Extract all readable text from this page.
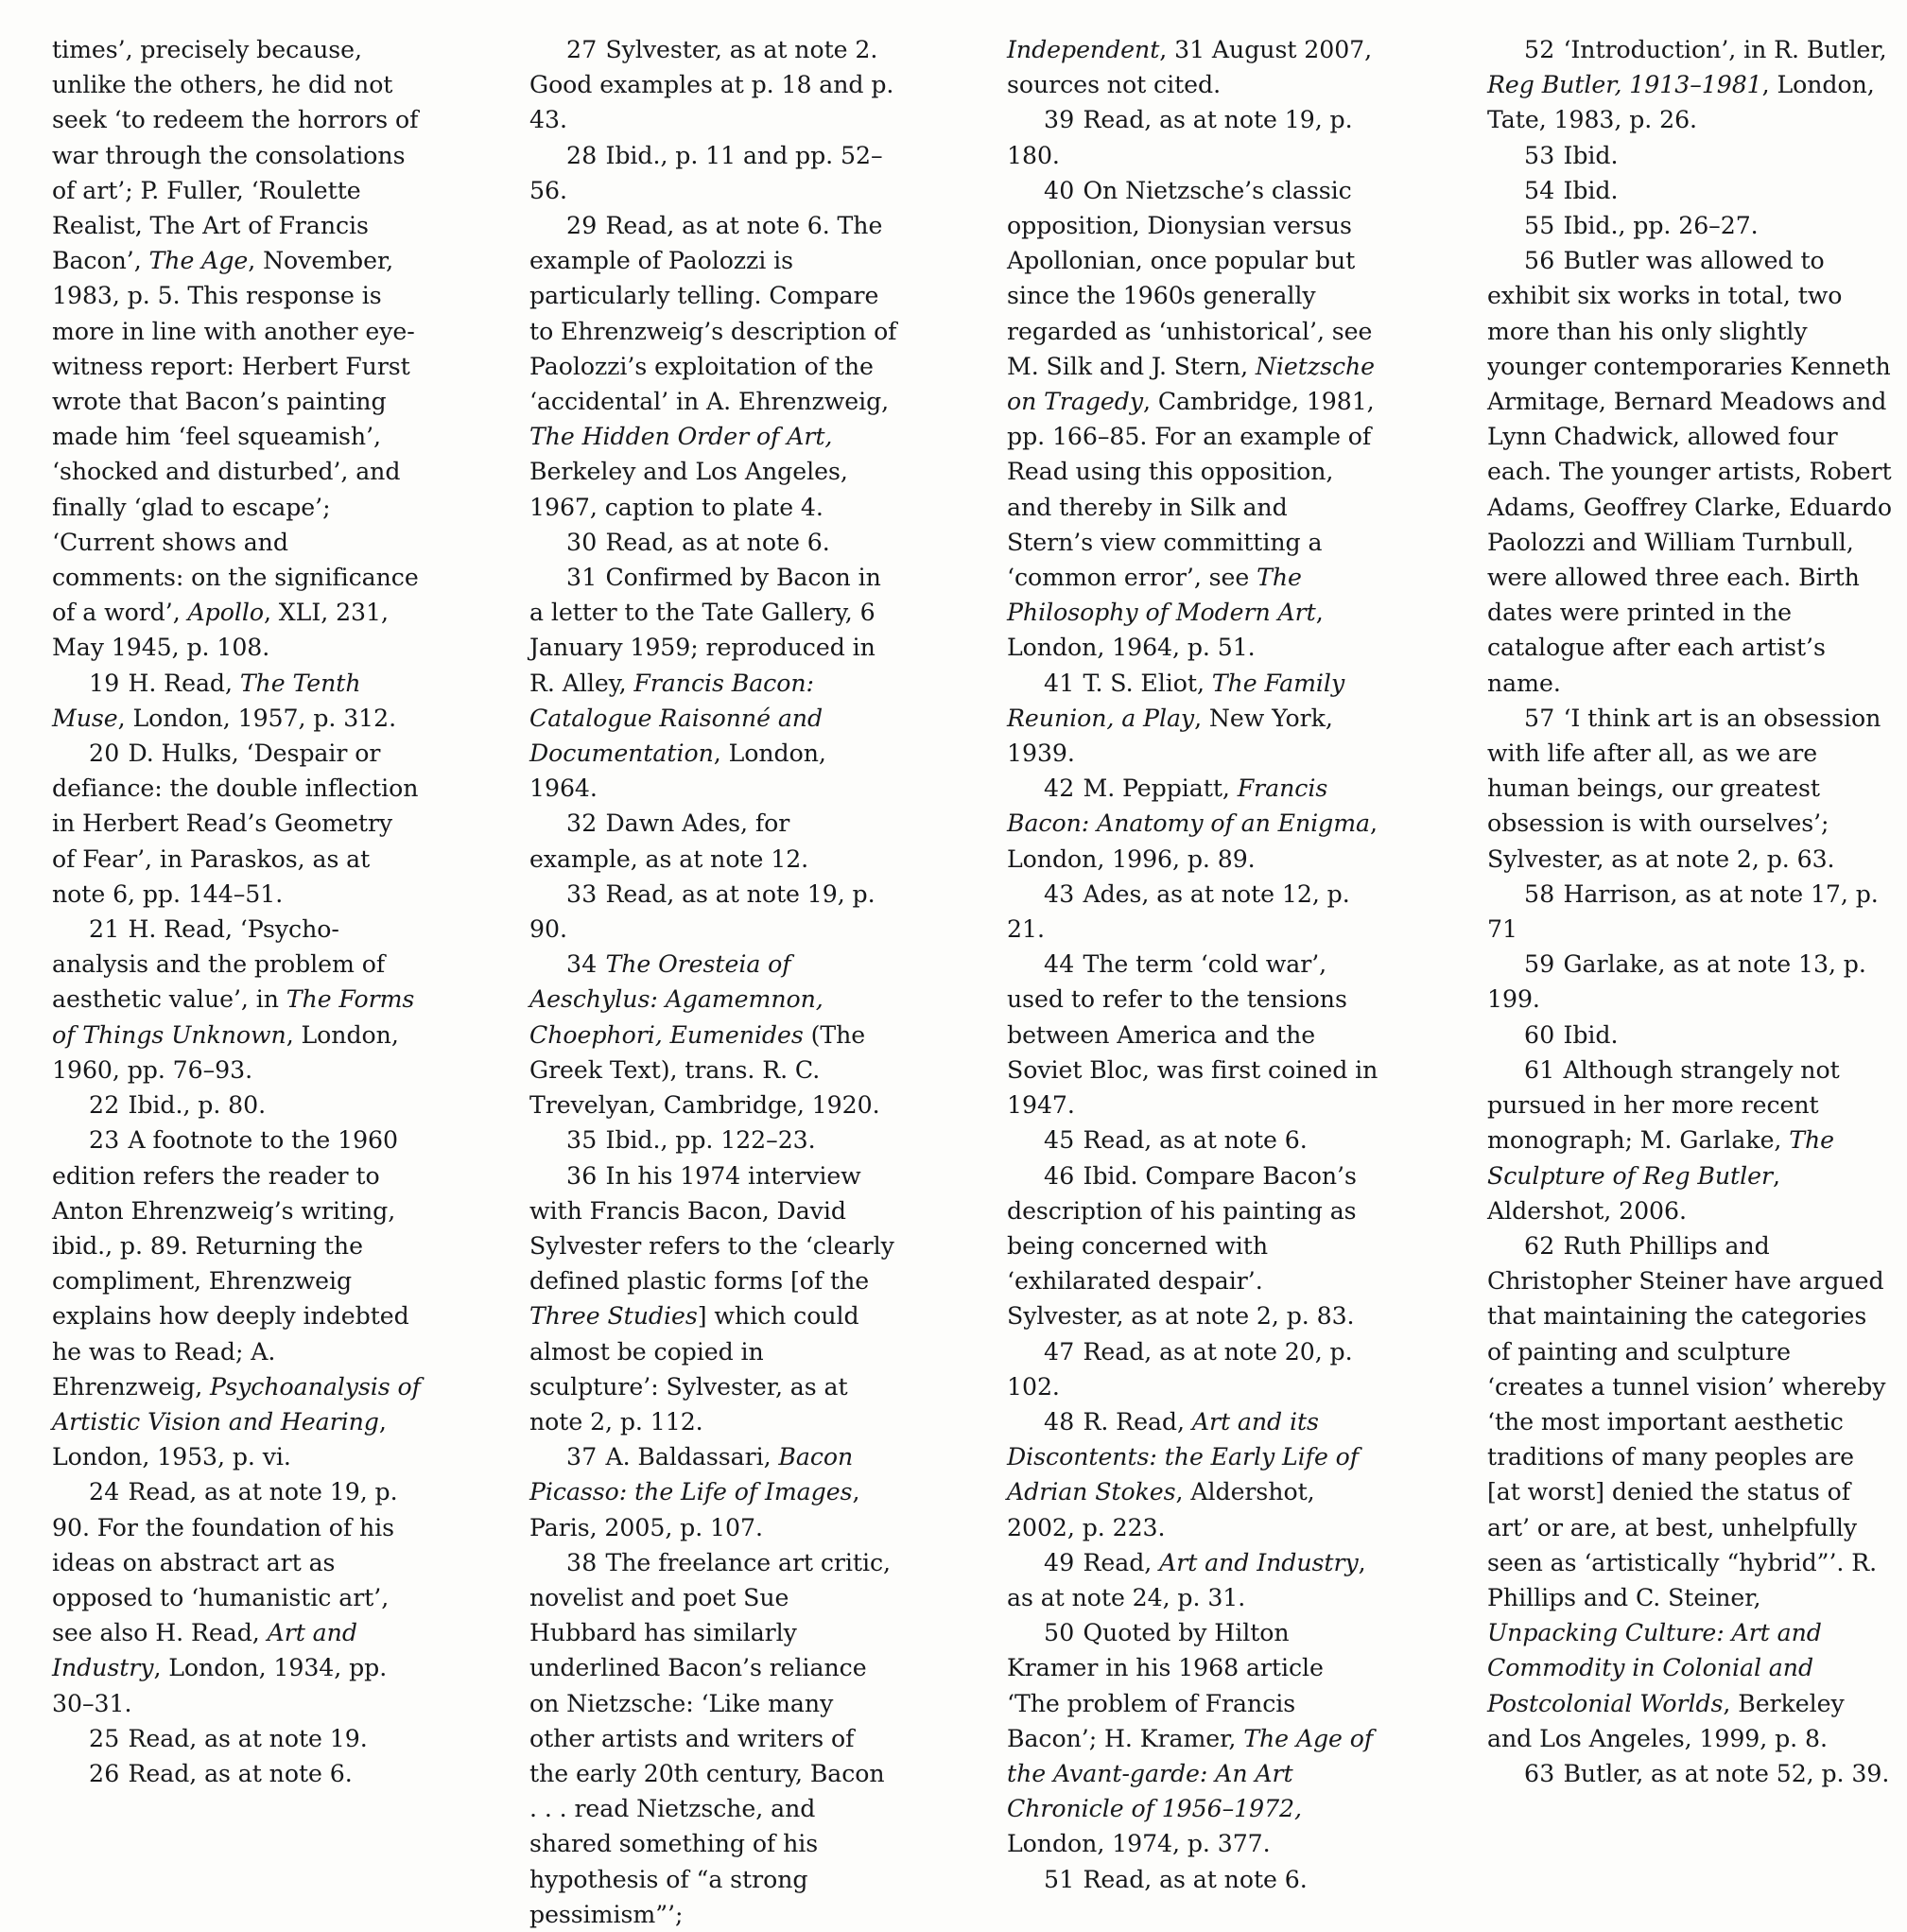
times’, precisely because, unlike the others, he did not seek ‘to redeem the horrors of war through the consolations of art’; P. Fuller, ‘Roulette Realist, The Art of Francis Bacon’, The Age, November, 1983, p. 5. This response is more in line with another eye-witness report: Herbert Furst wrote that Bacon’s painting made him ‘feel squeamish’, ‘shocked and disturbed’, and finally ‘glad to escape’; ‘Current shows and comments: on the significance of a word’, Apollo, XLI, 231, May 1945, p. 108.

19 H. Read, The Tenth Muse, London, 1957, p. 312.

20 D. Hulks, ‘Despair or defiance: the double inflection in Herbert Read’s Geometry of Fear’, in Paraskos, as at note 6, pp. 144–51.

21 H. Read, ‘Psycho-analysis and the problem of aesthetic value’, in The Forms of Things Unknown, London, 1960, pp. 76–93.

22 Ibid., p. 80.

23 A footnote to the 1960 edition refers the reader to Anton Ehrenzweig’s writing, ibid., p. 89. Returning the compliment, Ehrenzweig explains how deeply indebted he was to Read; A. Ehrenzweig, Psychoanalysis of Artistic Vision and Hearing, London, 1953, p. vi.

24 Read, as at note 19, p. 90. For the foundation of his ideas on abstract art as opposed to ‘humanistic art’, see also H. Read, Art and Industry, London, 1934, pp. 30–31.

25 Read, as at note 19.

26 Read, as at note 6.

27 Sylvester, as at note 2. Good examples at p. 18 and p. 43.

28 Ibid., p. 11 and pp. 52–56.

29 Read, as at note 6. The example of Paolozzi is particularly telling. Compare to Ehrenzweig’s description of Paolozzi’s exploitation of the ‘accidental’ in A. Ehrenzweig, The Hidden Order of Art, Berkeley and Los Angeles, 1967, caption to plate 4.

30 Read, as at note 6.

31 Confirmed by Bacon in a letter to the Tate Gallery, 6 January 1959; reproduced in R. Alley, Francis Bacon: Catalogue Raisonné and Documentation, London, 1964.

32 Dawn Ades, for example, as at note 12.

33 Read, as at note 19, p. 90.

34 The Oresteia of Aeschylus: Agamemnon, Choephori, Eumenides (The Greek Text), trans. R. C. Trevelyan, Cambridge, 1920.

35 Ibid., pp. 122–23.

36 In his 1974 interview with Francis Bacon, David Sylvester refers to the ‘clearly defined plastic forms [of the Three Studies] which could almost be copied in sculpture’: Sylvester, as at note 2, p. 112.

37 A. Baldassari, Bacon Picasso: the Life of Images, Paris, 2005, p. 107.

38 The freelance art critic, novelist and poet Sue Hubbard has similarly underlined Bacon’s reliance on Nietzsche: ‘Like many other artists and writers of the early 20th century, Bacon . . . read Nietzsche, and shared something of his hypothesis of “a strong pessimism”’;

Independent, 31 August 2007, sources not cited.

39 Read, as at note 19, p. 180.

40 On Nietzsche’s classic opposition, Dionysian versus Apollonian, once popular but since the 1960s generally regarded as ‘unhistorical’, see M. Silk and J. Stern, Nietzsche on Tragedy, Cambridge, 1981, pp. 166–85. For an example of Read using this opposition, and thereby in Silk and Stern’s view committing a ‘common error’, see The Philosophy of Modern Art, London, 1964, p. 51.

41 T. S. Eliot, The Family Reunion, a Play, New York, 1939.

42 M. Peppiatt, Francis Bacon: Anatomy of an Enigma, London, 1996, p. 89.

43 Ades, as at note 12, p. 21.

44 The term ‘cold war’, used to refer to the tensions between America and the Soviet Bloc, was first coined in 1947.

45 Read, as at note 6.

46 Ibid. Compare Bacon’s description of his painting as being concerned with ‘exhilarated despair’. Sylvester, as at note 2, p. 83.

47 Read, as at note 20, p. 102.

48 R. Read, Art and its Discontents: the Early Life of Adrian Stokes, Aldershot, 2002, p. 223.

49 Read, Art and Industry, as at note 24, p. 31.

50 Quoted by Hilton Kramer in his 1968 article ‘The problem of Francis Bacon’; H. Kramer, The Age of the Avant-garde: An Art Chronicle of 1956–1972, London, 1974, p. 377.

51 Read, as at note 6.

52 ‘Introduction’, in R. Butler, Reg Butler, 1913–1981, London, Tate, 1983, p. 26.

53 Ibid.

54 Ibid.

55 Ibid., pp. 26–27.

56 Butler was allowed to exhibit six works in total, two more than his only slightly younger contemporaries Kenneth Armitage, Bernard Meadows and Lynn Chadwick, allowed four each. The younger artists, Robert Adams, Geoffrey Clarke, Eduardo Paolozzi and William Turnbull, were allowed three each. Birth dates were printed in the catalogue after each artist’s name.

57 ‘I think art is an obsession with life after all, as we are human beings, our greatest obsession is with ourselves’; Sylvester, as at note 2, p. 63.

58 Harrison, as at note 17, p. 71

59 Garlake, as at note 13, p. 199.

60 Ibid.

61 Although strangely not pursued in her more recent monograph; M. Garlake, The Sculpture of Reg Butler, Aldershot, 2006.

62 Ruth Phillips and Christopher Steiner have argued that maintaining the categories of painting and sculpture ‘creates a tunnel vision’ whereby ‘the most important aesthetic traditions of many peoples are [at worst] denied the status of art’ or are, at best, unhelpfully seen as ‘artistically “hybrid”’. R. Phillips and C. Steiner, Unpacking Culture: Art and Commodity in Colonial and Postcolonial Worlds, Berkeley and Los Angeles, 1999, p. 8.

63 Butler, as at note 52, p. 39.
